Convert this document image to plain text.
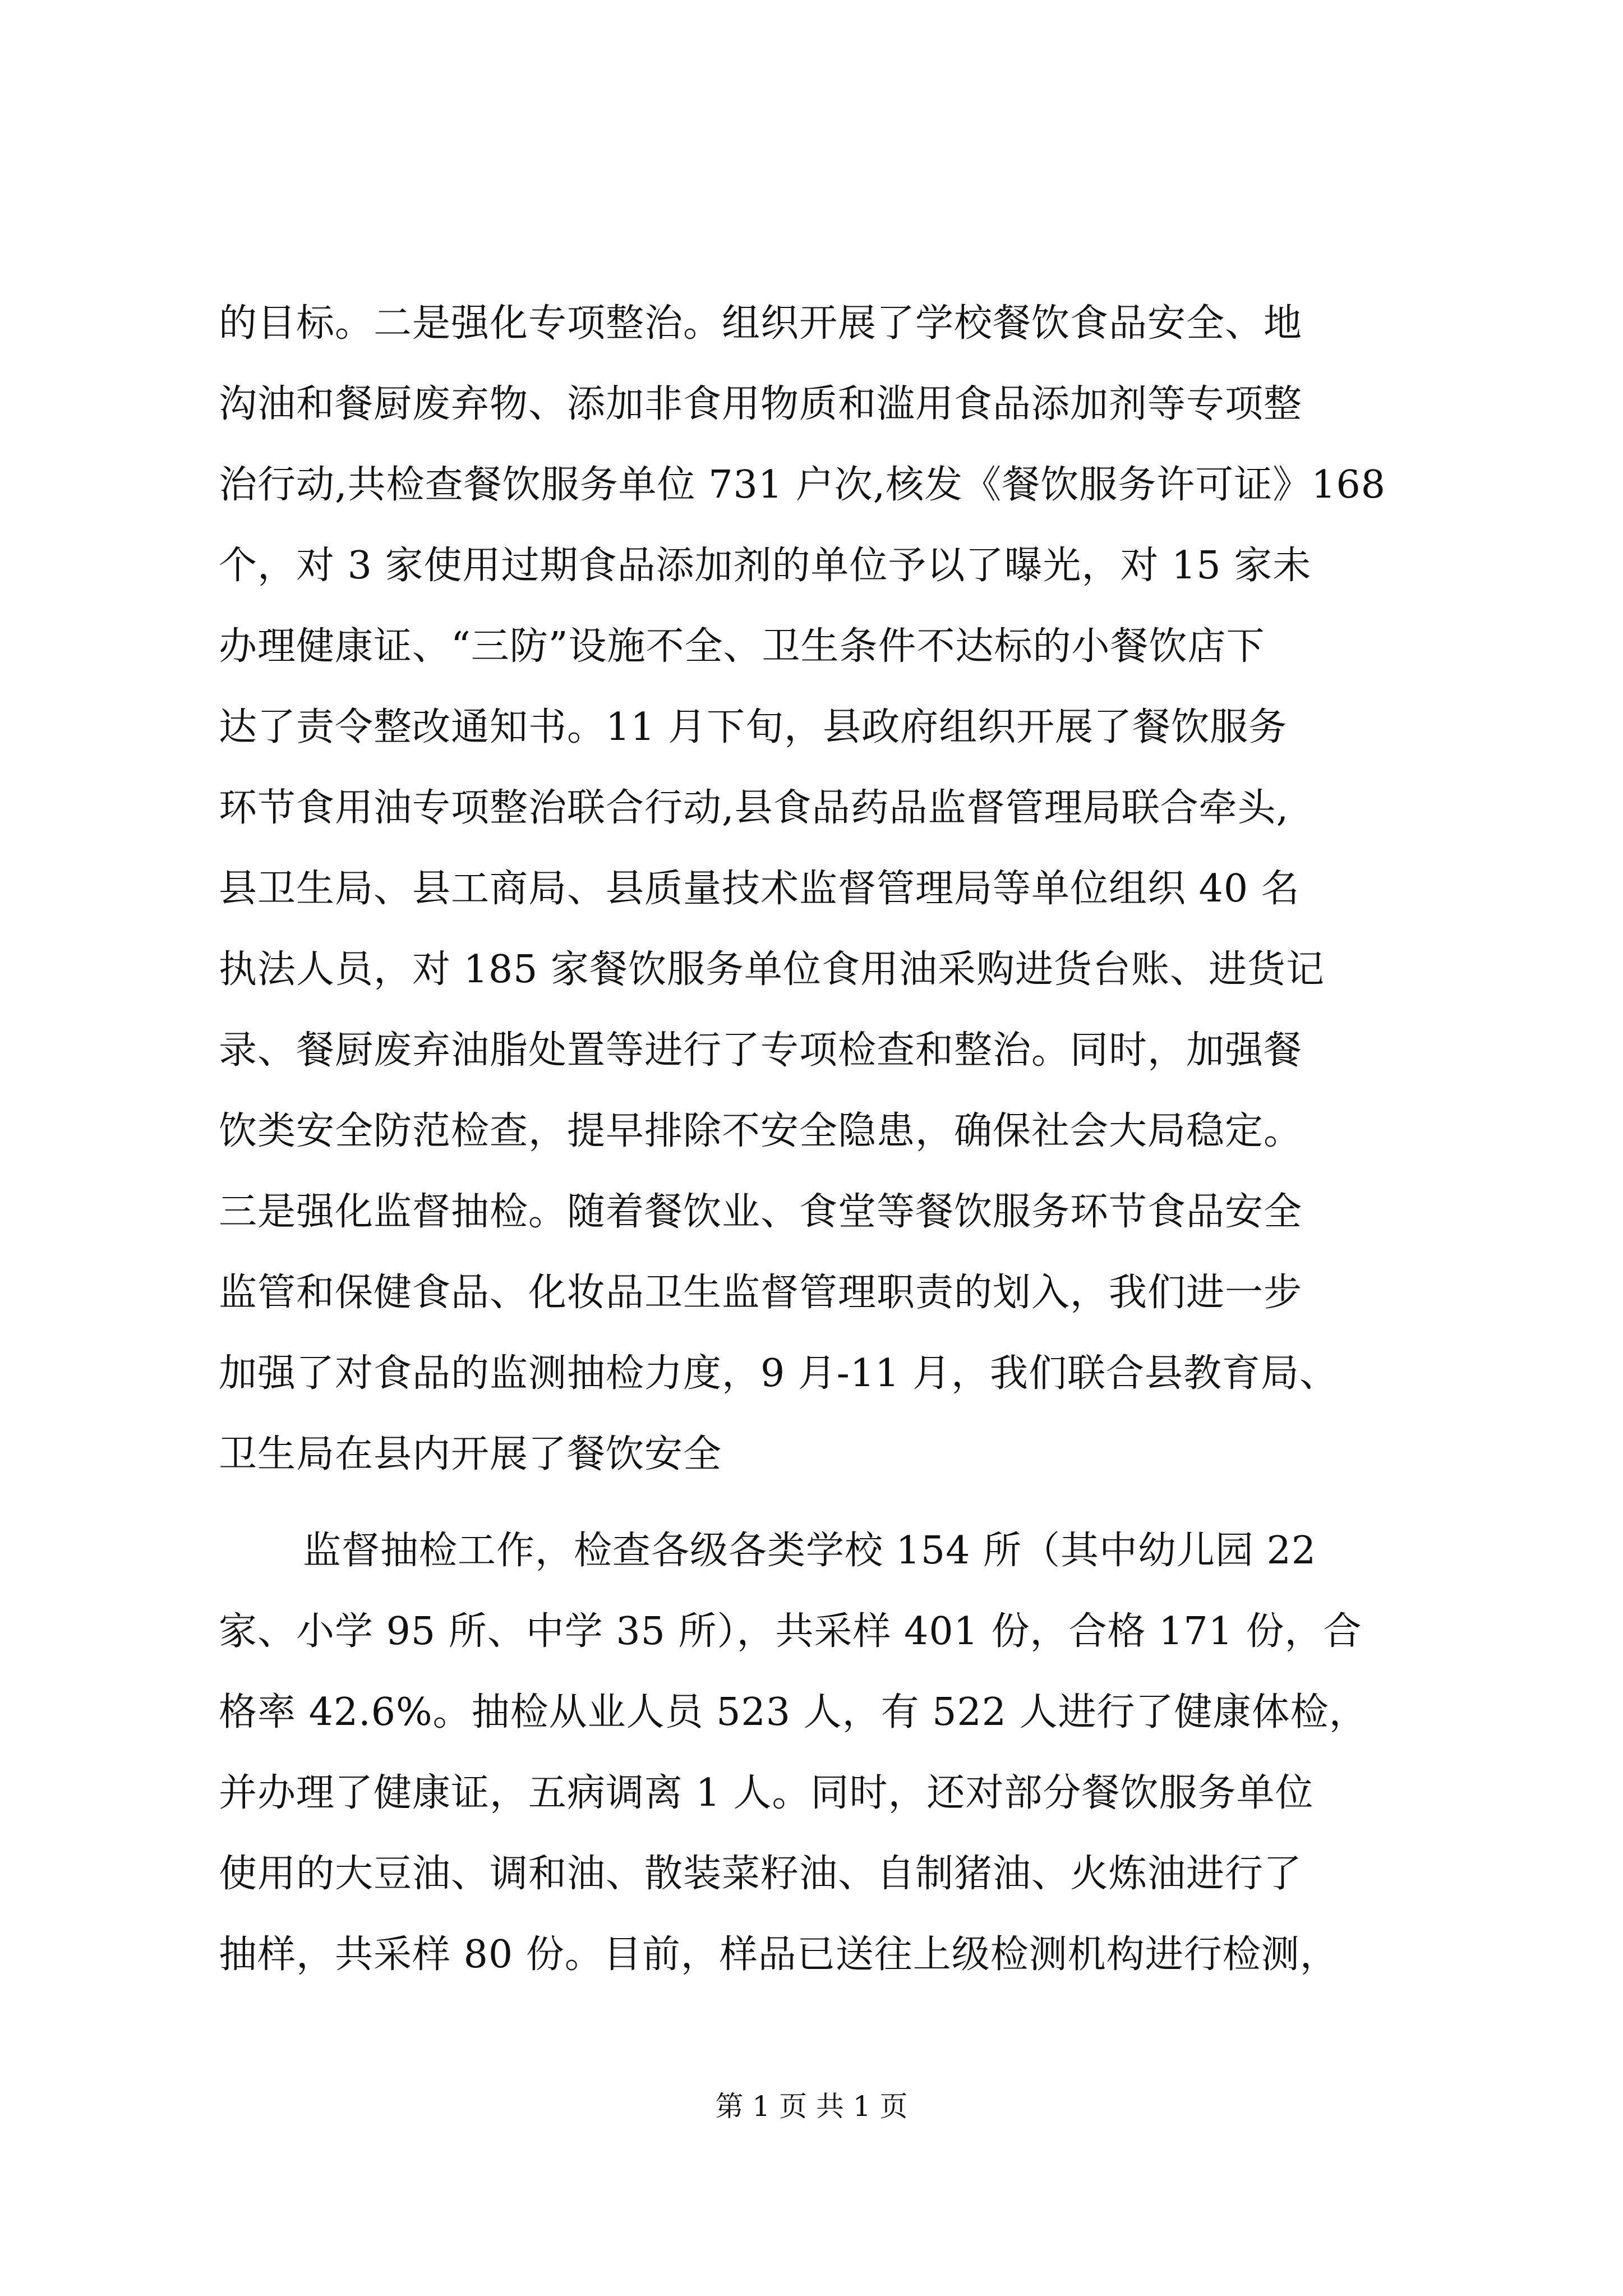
的目标。二是强化专项整治。组织开展了学校餐饮食品安全、地
沟油和餐厨废弃物、添加非食用物质和滥用食品添加剂等专项整
治行动,共检查餐饮服务单位 731 户次,核发《餐饮服务许可证》168
个，对 3 家使用过期食品添加剂的单位予以了曝光，对 15 家未
办理健康证、“三防”设施不全、卫生条件不达标的小餐饮店下
达了责令整改通知书。11 月下旬，县政府组织开展了餐饮服务
环节食用油专项整治联合行动,县食品药品监督管理局联合牵头,
县卫生局、县工商局、县质量技术监督管理局等单位组织 40 名
执法人员，对 185 家餐饮服务单位食用油采购进货台账、进货记
录、餐厨废弃油脂处置等进行了专项检查和整治。同时，加强餐
饮类安全防范检查，提早排除不安全隐患，确保社会大局稳定。
三是强化监督抽检。随着餐饮业、食堂等餐饮服务环节食品安全
监管和保健食品、化妆品卫生监督管理职责的划入，我们进一步
加强了对食品的监测抽检力度，9 月-11 月，我们联合县教育局、
卫生局在县内开展了餐饮安全
监督抽检工作，检查各级各类学校 154 所（其中幼儿园 22
家、小学 95 所、中学 35 所），共采样 401 份，合格 171 份，合
格率 42.6%。抽检从业人员 523 人，有 522 人进行了健康体检，
并办理了健康证，五病调离 1 人。同时，还对部分餐饮服务单位
使用的大豆油、调和油、散装菜籽油、自制猪油、火炼油进行了
抽样，共采样 80 份。目前，样品已送往上级检测机构进行检测，
第 1 页 共 1 页
